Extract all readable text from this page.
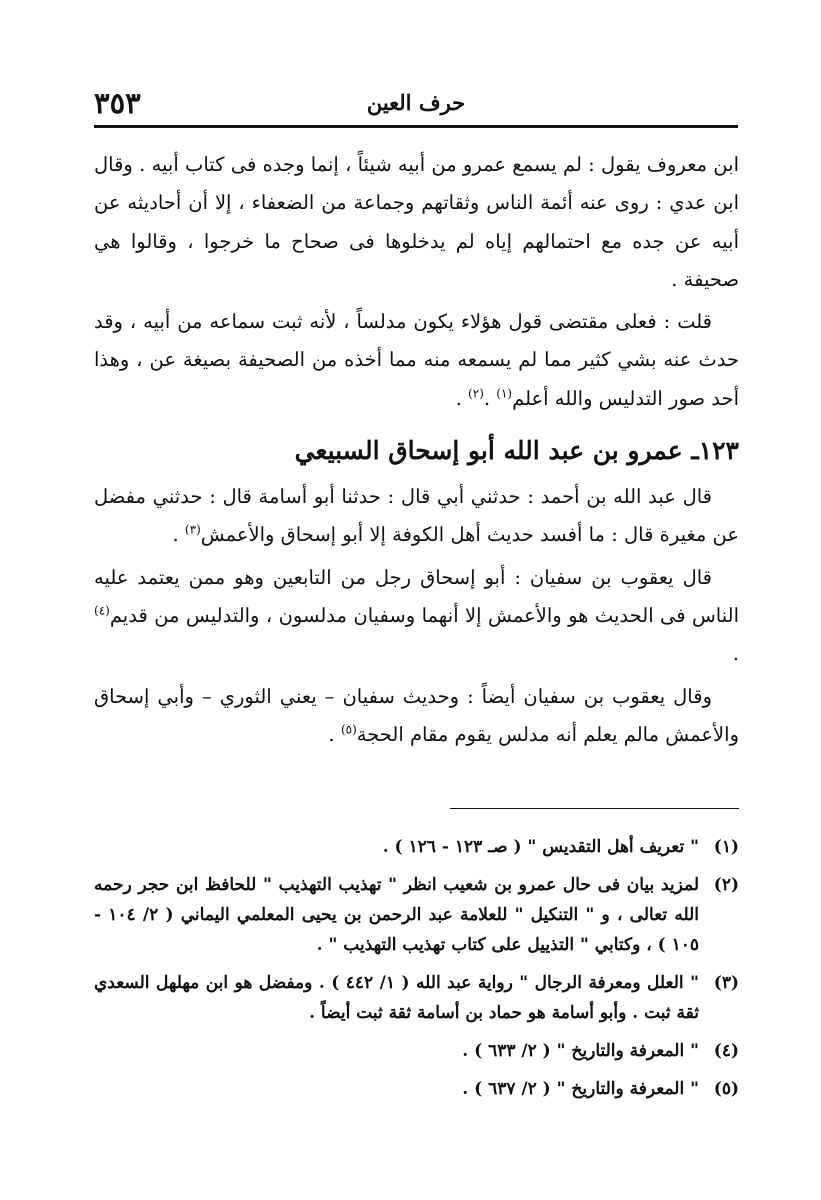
حرف العين
٣٥٣

ابن معروف يقول : لم يسمع عمرو من أبيه شيئاً ، إنما وجده فى كتاب أبيه . وقال ابن عدي : روى عنه أئمة الناس وثقاتهم وجماعة من الضعفاء ، إلا أن أحاديثه عن أبيه عن جده مع احتمالهم إياه لم يدخلوها فى صحاح ما خرجوا ، وقالوا هي صحيفة .

قلت : فعلى مقتضى قول هؤلاء يكون مدلساً ، لأنه ثبت سماعه من أبيه ، وقد حدث عنه بشي كثير مما لم يسمعه منه مما أخذه من الصحيفة بصيغة عن ، وهذا أحد صور التدليس والله أعلم$^{(١)}$ .$^{(٢)}$ .

١٢٣ـ عمرو بن عبد الله أبو إسحاق السبيعي

قال عبد الله بن أحمد : حدثني أبي قال : حدثنا أبو أسامة قال : حدثني مفضل عن مغيرة قال : ما أفسد حديث أهل الكوفة إلا أبو إسحاق والأعمش$^{(٣)}$ .

قال يعقوب بن سفيان : أبو إسحاق رجل من التابعين وهو ممن يعتمد عليه الناس فى الحديث هو والأعمش إلا أنهما وسفيان مدلسون ، والتدليس من قديم$^{(٤)}$ .

وقال يعقوب بن سفيان أيضاً : وحديث سفيان – يعني الثوري – وأبي إسحاق والأعمش مالم يعلم أنه مدلس يقوم مقام الحجة$^{(٥)}$ .

(١)
" تعريف أهل التقديس " ( صـ ١٢٣ - ١٢٦ ) .
(٢)
لمزيد بيان فى حال عمرو بن شعيب انظر " تهذيب التهذيب " للحافظ ابن حجر رحمه الله تعالى ، و " التنكيل " للعلامة عبد الرحمن بن يحيى المعلمي اليماني ( ٢/ ١٠٤ - ١٠٥ ) ، وكتابي " التذييل على كتاب تهذيب التهذيب " .
(٣)
" العلل ومعرفة الرجال " رواية عبد الله ( ١/ ٤٤٢ ) . ومفضل هو ابن مهلهل السعدي ثقة ثبت . وأبو أسامة هو حماد بن أسامة ثقة ثبت أيضاً .
(٤)
" المعرفة والتاريخ " ( ٢/ ٦٣٣ ) .
(٥)
" المعرفة والتاريخ " ( ٢/ ٦٣٧ ) .
